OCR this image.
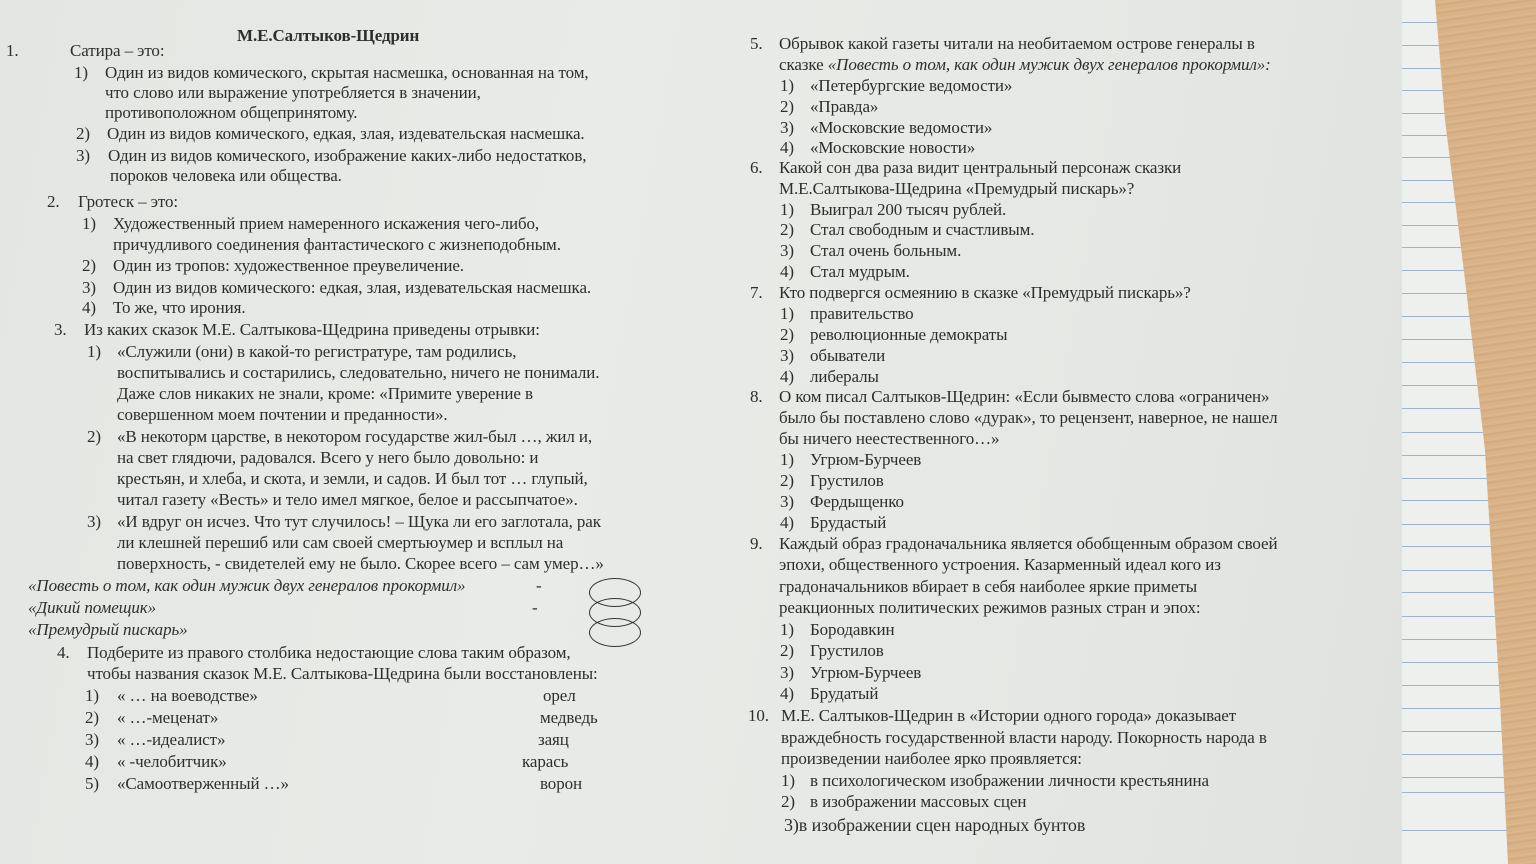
М.Е.Салтыков-Щедрин
1.	Сатира – это:
1) Один из видов комического, скрытая насмешка, основанная на том,
что слово или выражение употребляется в значении,
противоположном общепринятому.
2) Один из видов комического, едкая, злая, издевательская насмешка.
3) Один из видов комического, изображение каких-либо недостатков,
пороков человека или общества.
2. Гротеск – это:
1) Художественный прием намеренного искажения чего-либо,
причудливого соединения фантастического с жизнеподобным.
2) Один из тропов: художественное преувеличение.
3) Один из видов комического: едкая, злая, издевательская насмешка.
4) То же, что ирония.
3. Из каких сказок М.Е. Салтыкова-Щедрина приведены отрывки:
1) «Служили (они) в какой-то регистратуре, там родились,
воспитывались и состарились, следовательно, ничего не понимали.
Даже слов никаких не знали, кроме: «Примите уверение в
совершенном моем почтении и преданности».
2) «В некоторм царстве, в некотором государстве жил-был …, жил и,
на свет глядючи, радовался. Всего у него было довольно: и
крестьян, и хлеба, и скота, и земли, и садов. И был тот … глупый,
читал газету «Весть» и тело имел мягкое, белое и рассыпчатое».
3) «И вдруг он исчез. Что тут случилось! – Щука ли его заглотала, рак
ли клешней перешиб или сам своей смертьюумер и всплыл на
поверхность, - свидетелей ему не было. Скорее всего – сам умер…»
«Повесть о том, как один мужик двух генералов прокормил»	-
«Дикий помещик»	-
«Премудрый пискарь»
4. Подберите из правого столбика недостающие слова таким образом,
чтобы названия сказок М.Е. Салтыкова-Щедрина были восстановлены:
1) « … на воеводстве»	орел
2) « …-меценат»	медведь
3) « …-идеалист»	заяц
4) « -челобитчик»	карась
5) «Самоотверженный …»	ворон
5. Обрывок какой газеты читали на необитаемом острове генералы в
сказке «Повесть о том, как один мужик двух генералов прокормил»:
1) «Петербургские ведомости»
2) «Правда»
3) «Московские ведомости»
4) «Московские новости»
6. Какой сон два раза видит центральный персонаж сказки
М.Е.Салтыкова-Щедрина «Премудрый пискарь»?
1) Выиграл 200 тысяч рублей.
2) Стал свободным и счастливым.
3) Стал очень больным.
4) Стал мудрым.
7. Кто подвергся осмеянию в сказке «Премудрый пискарь»?
1) правительство
2) революционные демократы
3) обыватели
4) либералы
8. О ком писал Салтыков-Щедрин: «Если бывместо слова «ограничен»
было бы поставлено слово «дурак», то рецензент, наверное, не нашел
бы ничего неестественного…»
1) Угрюм-Бурчеев
2) Грустилов
3) Фердыщенко
4) Брудастый
9. Каждый образ градоначальника является обобщенным образом своей
эпохи, общественного устроения. Казарменный идеал кого из
градоначальников вбирает в себя наиболее яркие приметы
реакционных политических режимов разных стран и эпох:
1) Бородавкин
2) Грустилов
3) Угрюм-Бурчеев
4) Брудатый
10. М.Е. Салтыков-Щедрин в «Истории одного города» доказывает
враждебность государственной власти народу. Покорность народа в
произведении наиболее ярко проявляется:
1) в психологическом изображении личности крестьянина
2) в изображении массовых сцен
3)в изображении сцен народных бунтов
